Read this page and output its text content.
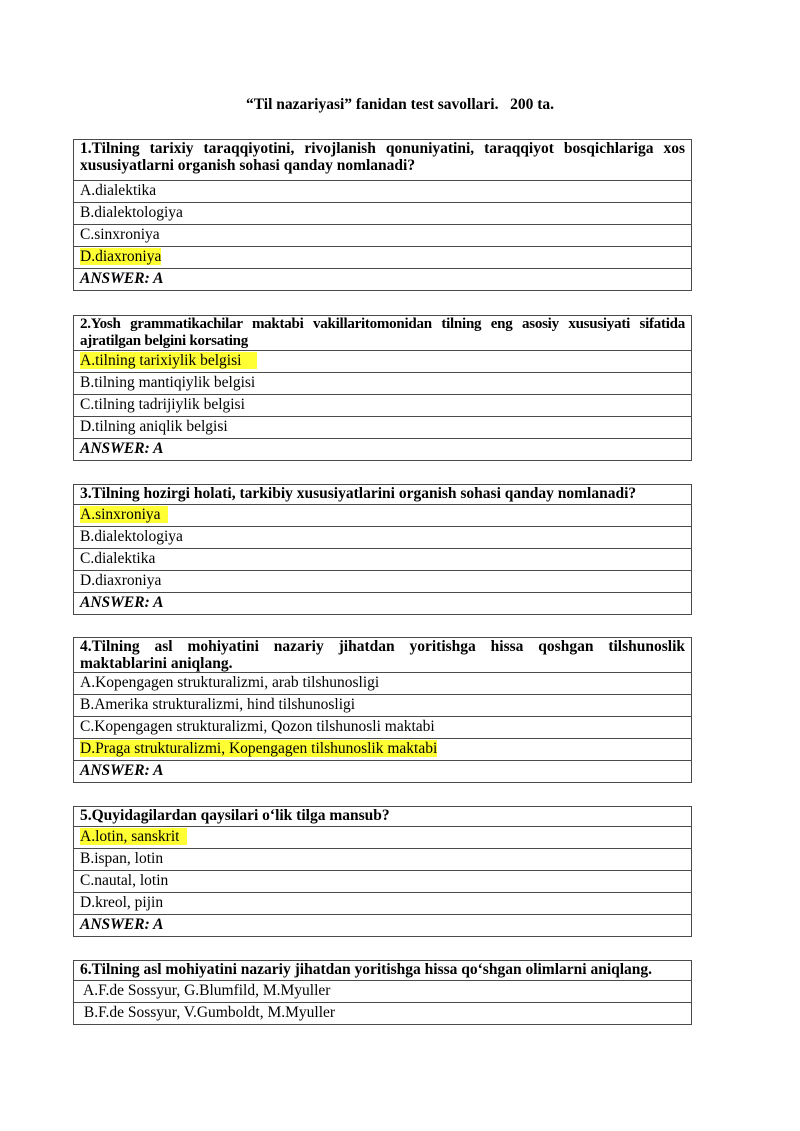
“Til nazariyasi” fanidan test savollari.   200 ta.
1.Tilning tarixiy taraqqiyotini, rivojlanish qonuniyatini, taraqqiyot bosqichlariga xos xususiyatlarni organish sohasi qanday nomlanadi?
A.dialektika
B.dialektologiya
C.sinxroniya
D.diaxroniya
ANSWER: A
2.Yosh grammatikachilar maktabi vakillaritomonidan tilning eng asosiy xususiyati sifatida ajratilgan belgini korsating
A.tilning tarixiylik belgisi
B.tilning mantiqiylik belgisi
C.tilning tadrijiylik belgisi
D.tilning aniqlik belgisi
ANSWER: A
3.Tilning hozirgi holati, tarkibiy xususiyatlarini organish sohasi qanday nomlanadi?
A.sinxroniya
B.dialektologiya
C.dialektika
D.diaxroniya
ANSWER: A
4.Tilning asl mohiyatini nazariy jihatdan yoritishga hissa qoshgan tilshunoslik maktablarini aniqlang.
A.Kopengagen strukturalizmi, arab tilshunosligi
B.Amerika strukturalizmi, hind tilshunosligi
C.Kopengagen strukturalizmi, Qozon tilshunosli maktabi
D.Praga strukturalizmi, Kopengagen tilshunoslik maktabi
ANSWER: A
5.Quyidagilardan qaysilari o‘lik tilga mansub?
A.lotin, sanskrit
B.ispan, lotin
C.nautal, lotin
D.kreol, pijin
ANSWER: A
6.Tilning asl mohiyatini nazariy jihatdan yoritishga hissa qo‘shgan olimlarni aniqlang.
A.F.de Sossyur, G.Blumfild, M.Myuller
B.F.de Sossyur, V.Gumboldt, M.Myuller
